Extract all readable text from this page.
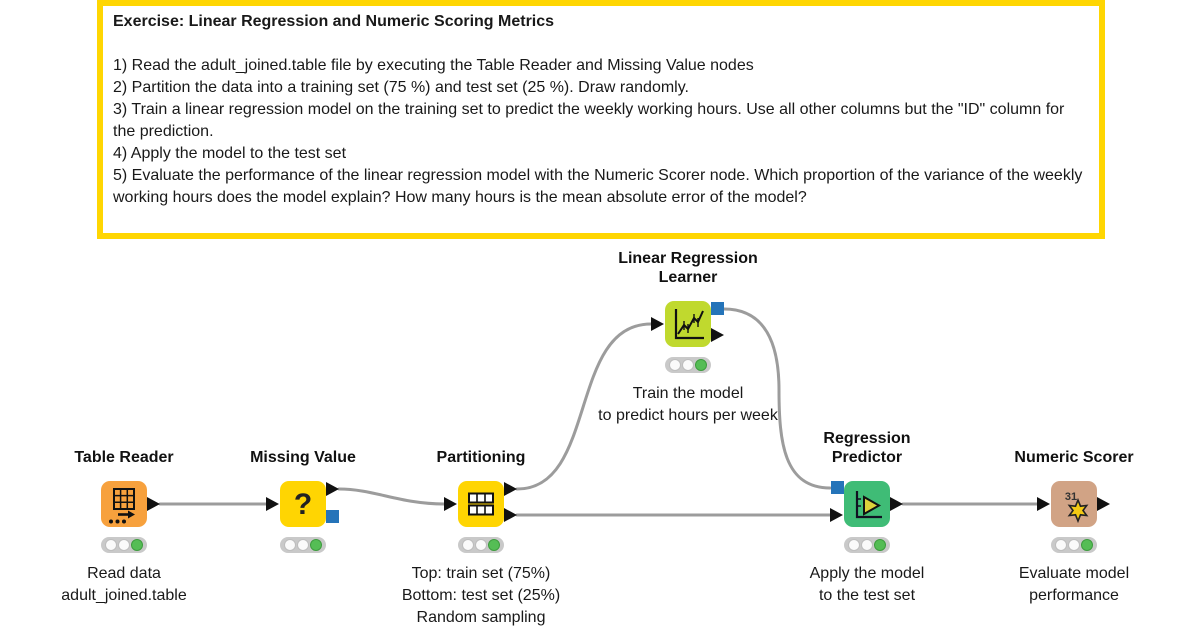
Exercise: Linear Regression and Numeric Scoring Metrics
1) Read the adult_joined.table file by executing the Table Reader and Missing Value nodes
2) Partition the data into a training set (75 %) and test set (25 %). Draw randomly.
3) Train a linear regression model on the training set to predict the weekly working hours. Use all other columns but the "ID" column for the prediction.
4) Apply the model to the test set
5) Evaluate the performance of the linear regression model with the Numeric Scorer node. Which proportion of the variance of the weekly working hours does the model explain? How many hours is the mean absolute error of the model?
Table Reader
Read data
adult_joined.table
Missing Value
?
Partitioning
Top: train set (75%)
Bottom: test set (25%)
Random sampling
Linear Regression
Learner
Train the model
to predict hours per week
Regression
Predictor
Apply the model
to the test set
Numeric Scorer
31
Evaluate model
performance
